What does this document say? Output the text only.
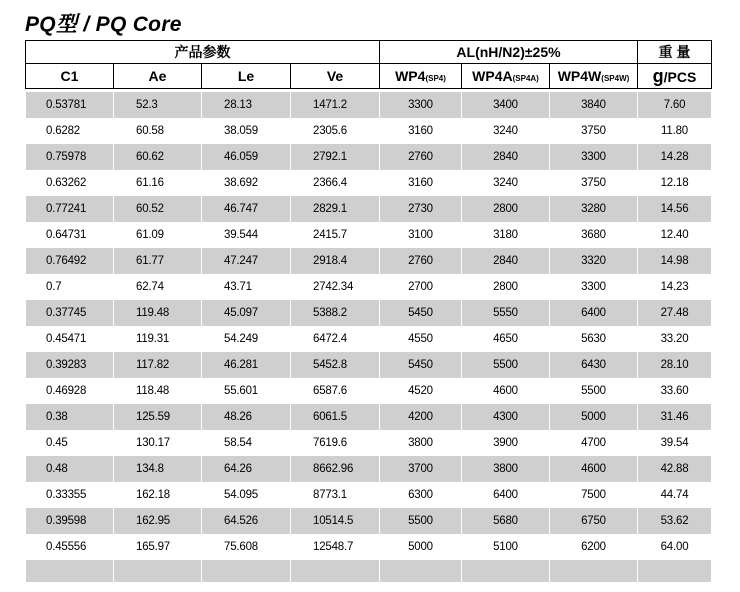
PQ型 / PQ Core
产品参数				AL(nH/N2)±25%			重 量
C1	Ae	Le	Ve	WP4(SP4)	WP4A(SP4A)	WP4W(SP4W)	g/PCS

0.53781	52.3	28.13	1471.2	3300	3400	3840	7.60
0.6282	60.58	38.059	2305.6	3160	3240	3750	11.80
0.75978	60.62	46.059	2792.1	2760	2840	3300	14.28
0.63262	61.16	38.692	2366.4	3160	3240	3750	12.18
0.77241	60.52	46.747	2829.1	2730	2800	3280	14.56
0.64731	61.09	39.544	2415.7	3100	3180	3680	12.40
0.76492	61.77	47.247	2918.4	2760	2840	3320	14.98
0.7	62.74	43.71	2742.34	2700	2800	3300	14.23
0.37745	119.48	45.097	5388.2	5450	5550	6400	27.48
0.45471	119.31	54.249	6472.4	4550	4650	5630	33.20
0.39283	117.82	46.281	5452.8	5450	5500	6430	28.10
0.46928	118.48	55.601	6587.6	4520	4600	5500	33.60
0.38	125.59	48.26	6061.5	4200	4300	5000	31.46
0.45	130.17	58.54	7619.6	3800	3900	4700	39.54
0.48	134.8	64.26	8662.96	3700	3800	4600	42.88
0.33355	162.18	54.095	8773.1	6300	6400	7500	44.74
0.39598	162.95	64.526	10514.5	5500	5680	6750	53.62
0.45556	165.97	75.608	12548.7	5000	5100	6200	64.00
